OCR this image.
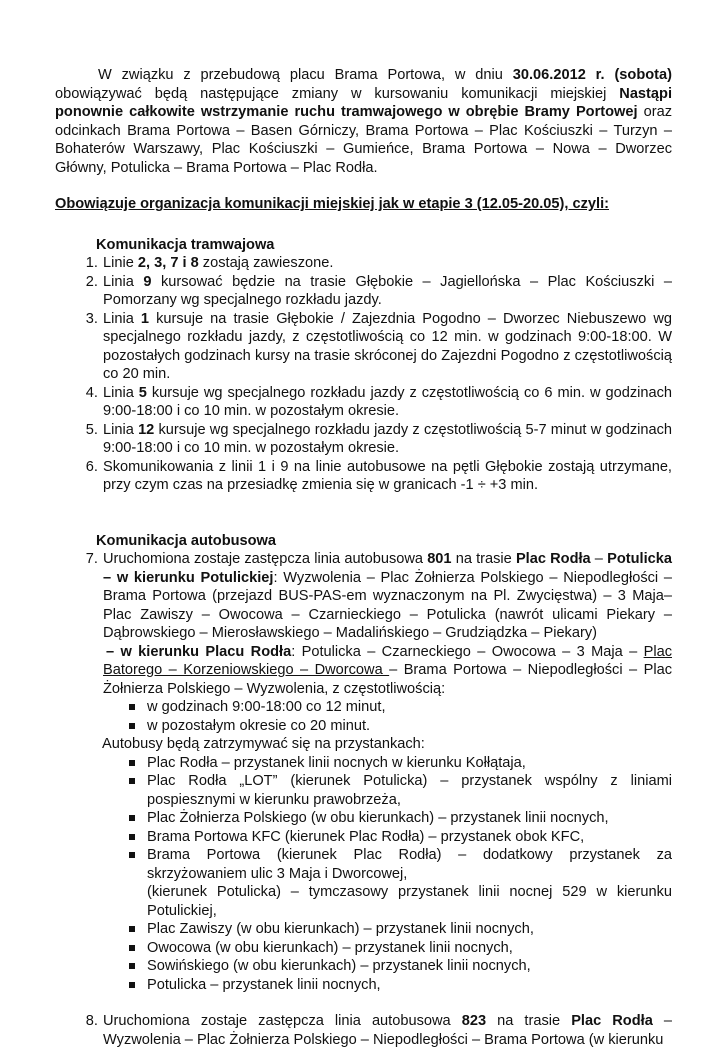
W związku z przebudową placu Brama Portowa, w dniu 30.06.2012 r. (sobota) obowiązywać będą następujące zmiany w kursowaniu komunikacji miejskiej Nastąpi ponownie całkowite wstrzymanie ruchu tramwajowego w obrębie Bramy Portowej oraz odcinkach Brama Portowa – Basen Górniczy, Brama Portowa – Plac Kościuszki – Turzyn – Bohaterów Warszawy, Plac Kościuszki – Gumieńce, Brama Portowa – Nowa – Dworzec Główny, Potulicka – Brama Portowa – Plac Rodła.

Obowiązuje organizacja komunikacji miejskiej jak w etapie 3 (12.05-20.05), czyli:

Komunikacja tramwajowa

1. Linie 2, 3, 7 i 8 zostają zawieszone.
2. Linia 9 kursować będzie na trasie Głębokie – Jagiellońska – Plac Kościuszki – Pomorzany wg specjalnego rozkładu jazdy.
3. Linia 1 kursuje na trasie Głębokie / Zajezdnia Pogodno – Dworzec Niebuszewo wg specjalnego rozkładu jazdy, z częstotliwością co 12 min. w godzinach 9:00-18:00. W pozostałych godzinach kursy na trasie skróconej do Zajezdni Pogodno z częstotliwością co 20 min.
4. Linia 5 kursuje wg specjalnego rozkładu jazdy z częstotliwością co 6 min. w godzinach 9:00-18:00 i co 10 min. w pozostałym okresie.
5. Linia 12 kursuje wg specjalnego rozkładu jazdy z częstotliwością 5-7 minut w godzinach 9:00-18:00 i co 10 min. w pozostałym okresie.
6. Skomunikowania z linii 1 i 9 na linie autobusowe na pętli Głębokie zostają utrzymane, przy czym czas na przesiadkę zmienia się w granicach -1 ÷ +3 min.

Komunikacja autobusowa

7. Uruchomiona zostaje zastępcza linia autobusowa 801 na trasie Plac Rodła – Potulicka – w kierunku Potulickiej: Wyzwolenia – Plac Żołnierza Polskiego – Niepodległości – Brama Portowa (przejazd BUS-PAS-em wyznaczonym na Pl. Zwycięstwa) – 3 Maja– Plac Zawiszy – Owocowa – Czarnieckiego – Potulicka (nawrót ulicami Piekary – Dąbrowskiego – Mierosławskiego – Madalińskiego – Grudziądzka – Piekary)
– w kierunku Placu Rodła: Potulicka – Czarneckiego – Owocowa – 3 Maja – Plac Batorego – Korzeniowskiego – Dworcowa – Brama Portowa – Niepodległości – Plac Żołnierza Polskiego – Wyzwolenia, z częstotliwością:
w godzinach 9:00-18:00 co 12 minut,
w pozostałym okresie co 20 minut.

Autobusy będą zatrzymywać się na przystankach:

Plac Rodła – przystanek linii nocnych w kierunku Kołłątaja,
Plac Rodła „LOT” (kierunek Potulicka) – przystanek wspólny z liniami pospiesznymi w kierunku prawobrzeża,
Plac Żołnierza Polskiego (w obu kierunkach) – przystanek linii nocnych,
Brama Portowa KFC (kierunek Plac Rodła) – przystanek obok KFC,
Brama Portowa (kierunek Plac Rodła) – dodatkowy przystanek za skrzyżowaniem ulic 3 Maja i Dworcowej,
(kierunek Potulicka) – tymczasowy przystanek linii nocnej 529 w kierunku Potulickiej,
Plac Zawiszy (w obu kierunkach) – przystanek linii nocnych,
Owocowa (w obu kierunkach) – przystanek linii nocnych,
Sowińskiego (w obu kierunkach) – przystanek linii nocnych,
Potulicka – przystanek linii nocnych,
8. Uruchomiona zostaje zastępcza linia autobusowa 823 na trasie Plac Rodła – Wyzwolenia – Plac Żołnierza Polskiego – Niepodległości – Brama Portowa (w kierunku
